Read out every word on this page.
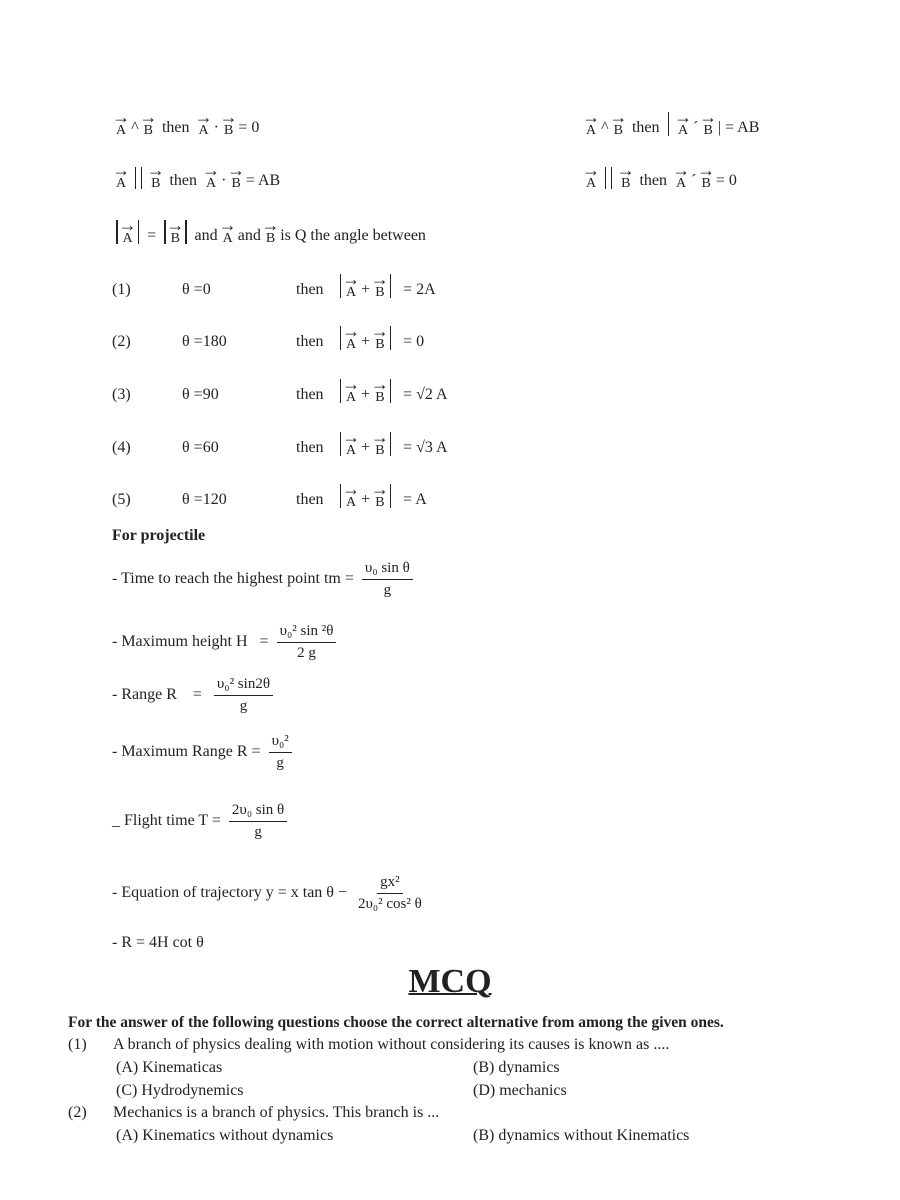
→ A ^ → B then → A · → B = 0	→ A ^ → B then → A ˊ → B | = AB
→ A → B then → A · → B = AB	→ A → B then → A ˊ → B = 0
→ A = → B and → A and → B is Q the angle between
(1)	θ =0	then → A + → B = 2A
(2)	θ =180	then → A + → B = 0
(3)	θ =90	then → A + → B = √2 A
(4)	θ =60	then → A + → B = √3 A
(5)	θ =120	then → A + → B = A
For projectile
- Time to reach the highest point tm = $\frac{\text{υ₀ sin θ}}{g}$
- Maximum height $H = \frac{\text{υ₀² sin ²θ}}{2 g}$
- Range $R = \frac{\text{υ₀² sin2θ}}{g}$
- Maximum Range $R = \frac{\text{υ₀²}}{g}$
_ Flight time $T = \frac{\text{2υ₀ sin θ}}{g}$
- Equation of trajectory y = x $\tan \theta - \frac{\text{gx²}}{\text{2υ₀² cos² θ}}$
- R = 4H cot θ
MCQ
For the answer of the following questions choose the correct alternative from among the given ones.
(1) A branch of physics dealing with motion without considering its causes is known as ....
(A) Kinematicas	(B) dynamics
(C) Hydrodynemics	(D) mechanics
(2) Mechanics is a branch of physics. This branch is ...
(A) Kinematics without dynamics	(B) dynamics without Kinematics
